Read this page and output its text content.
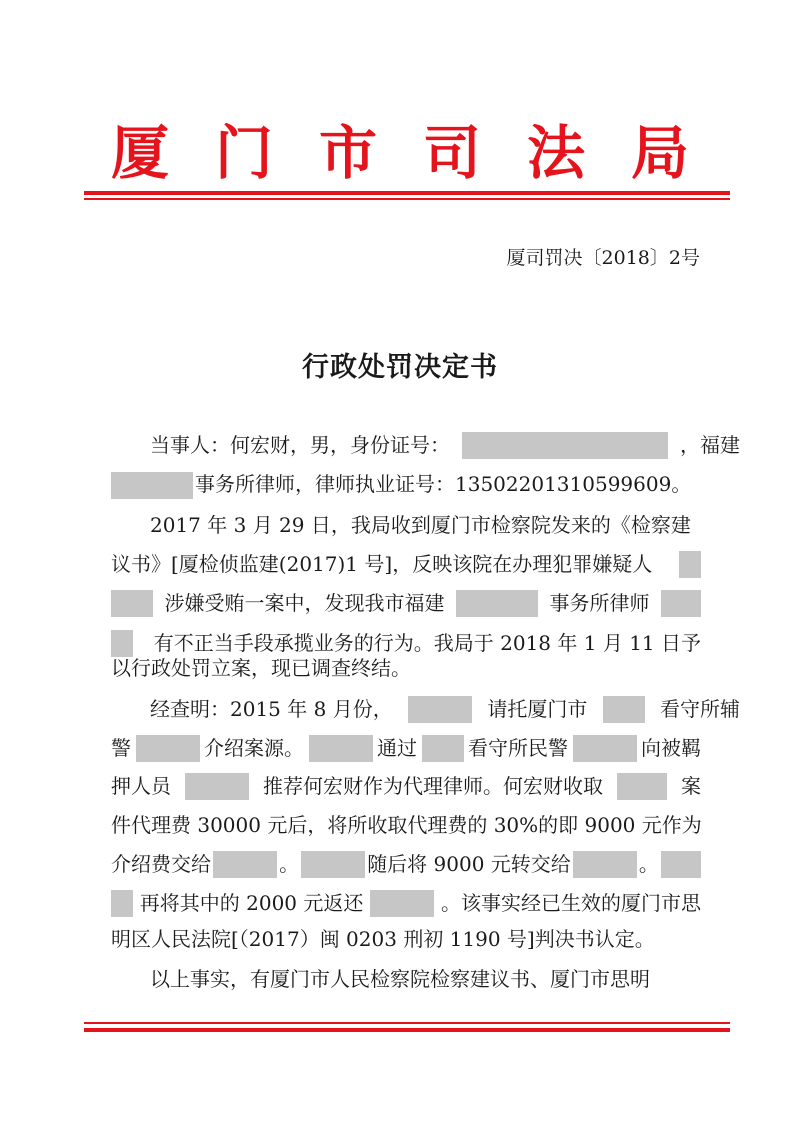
厦门市司法局
厦司罚决〔2018〕2号
行政处罚决定书
当事人：何宏财，男，身份证号：	，福建
事务所律师，律师执业证号：13502201310599609。
2017 年 3 月 29 日，我局收到厦门市检察院发来的《检察建
议书》[厦检侦监建(2017)1 号]，反映该院在办理犯罪嫌疑人
涉嫌受贿一案中，发现我市福建	事务所律师
有不正当手段承揽业务的行为。我局于 2018 年 1 月 11 日予
以行政处罚立案，现已调查终结。
经查明：2015 年 8 月份，	请托厦门市	看守所辅
警	介绍案源。	通过	看守所民警	向被羁
押人员	推荐何宏财作为代理律师。何宏财收取	案
件代理费 30000 元后，将所收取代理费的 30%的即 9000 元作为
介绍费交给	。	随后将 9000 元转交给	。
再将其中的 2000 元返还	。该事实经已生效的厦门市思
明区人民法院[（2017）闽 0203 刑初 1190 号]判决书认定。
以上事实，有厦门市人民检察院检察建议书、厦门市思明
